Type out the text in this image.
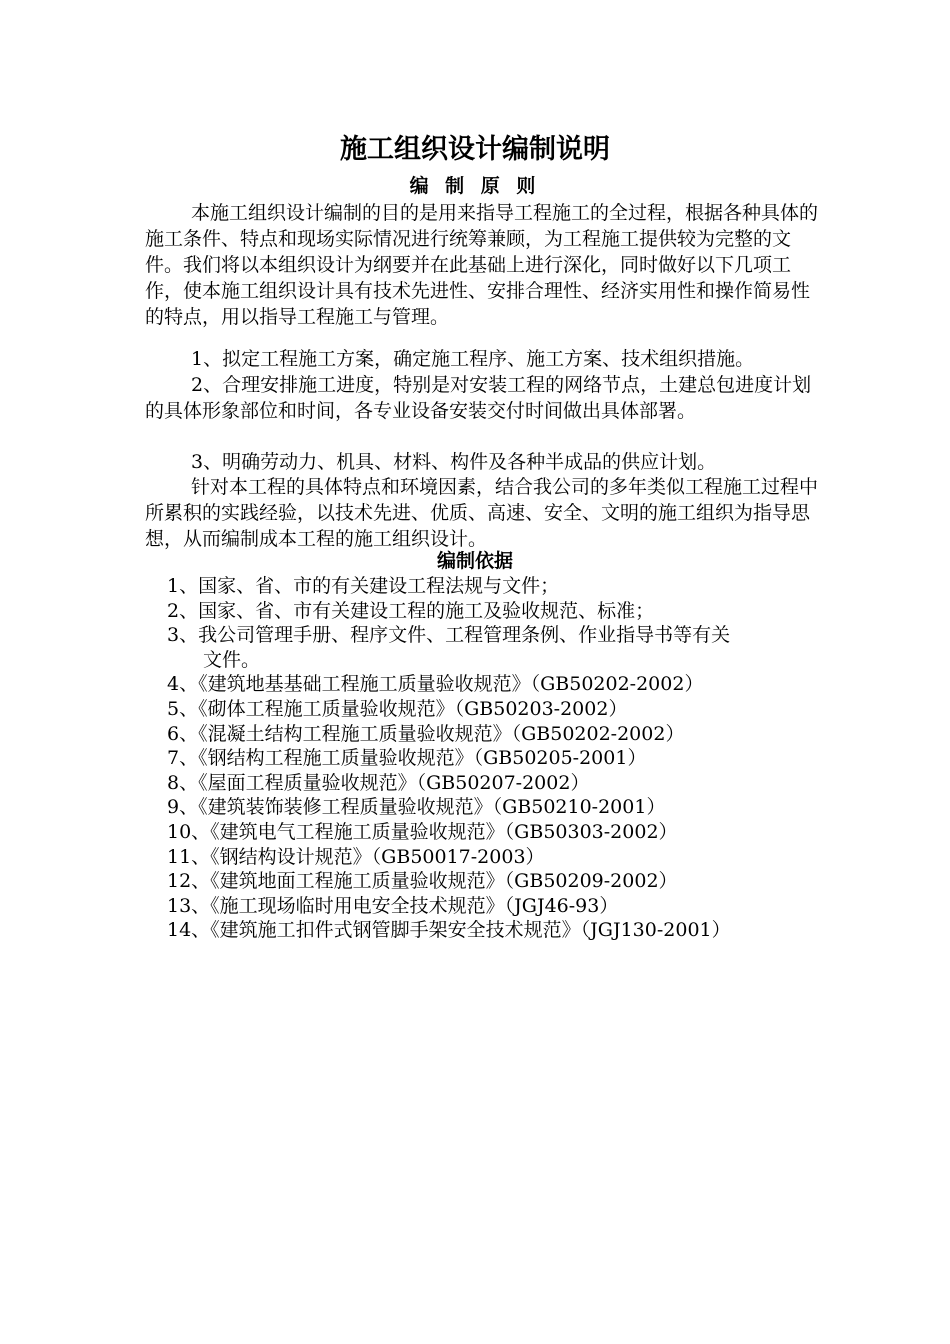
施工组织设计编制说明
编 制 原 则
本施工组织设计编制的目的是用来指导工程施工的全过程，根据各种具体的施工条件、特点和现场实际情况进行统筹兼顾，为工程施工提供较为完整的文件。我们将以本组织设计为纲要并在此基础上进行深化，同时做好以下几项工作，使本施工组织设计具有技术先进性、安排合理性、经济实用性和操作简易性的特点，用以指导工程施工与管理。
1、拟定工程施工方案，确定施工程序、施工方案、技术组织措施。
2、合理安排施工进度，特别是对安装工程的网络节点，土建总包进度计划的具体形象部位和时间，各专业设备安装交付时间做出具体部署。
3、明确劳动力、机具、材料、构件及各种半成品的供应计划。
针对本工程的具体特点和环境因素，结合我公司的多年类似工程施工过程中所累积的实践经验，以技术先进、优质、高速、安全、文明的施工组织为指导思想，从而编制成本工程的施工组织设计。
编制依据
1、国家、省、市的有关建设工程法规与文件；
2、国家、省、市有关建设工程的施工及验收规范、标准；
3、我公司管理手册、程序文件、工程管理条例、作业指导书等有关
文件。
4、《建筑地基基础工程施工质量验收规范》（GB50202-2002）
5、《砌体工程施工质量验收规范》（GB50203-2002）
6、《混凝土结构工程施工质量验收规范》（GB50202-2002）
7、《钢结构工程施工质量验收规范》（GB50205-2001）
8、《屋面工程质量验收规范》（GB50207-2002）
9、《建筑装饰装修工程质量验收规范》（GB50210-2001）
10、《建筑电气工程施工质量验收规范》（GB50303-2002）
11、《钢结构设计规范》（GB50017-2003）
12、《建筑地面工程施工质量验收规范》（GB50209-2002）
13、《施工现场临时用电安全技术规范》（JGJ46-93）
14、《建筑施工扣件式钢管脚手架安全技术规范》（JGJ130-2001）
